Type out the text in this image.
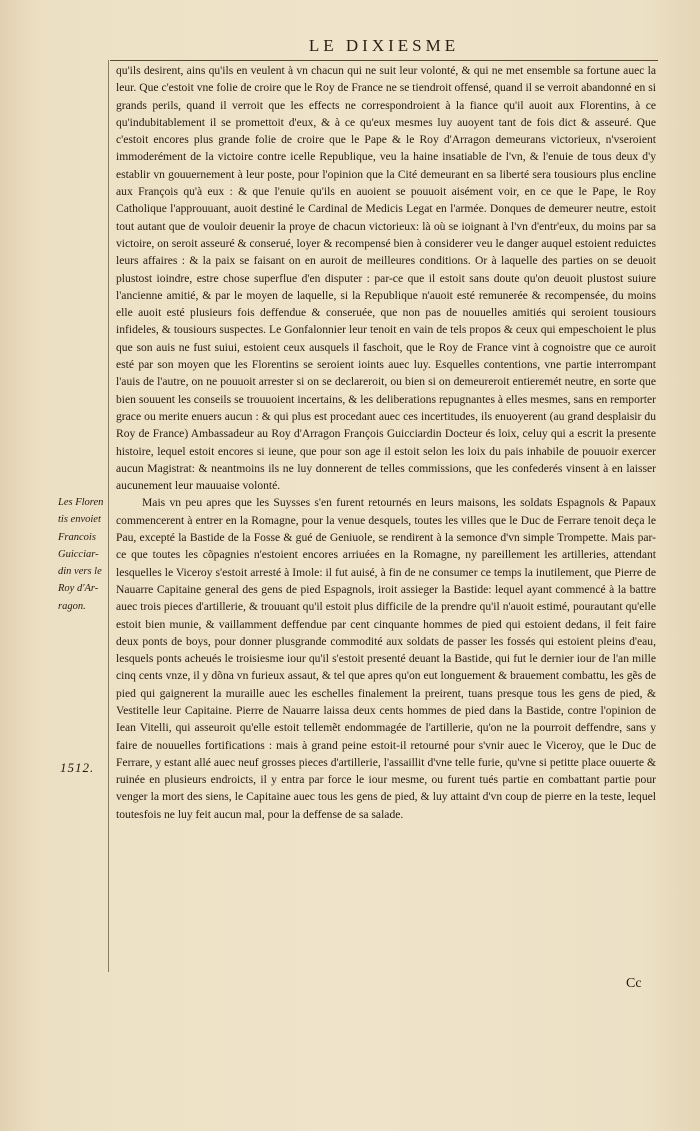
LE DIXIESME
Les Floren
tis envoiet
Francois
Guicciar-
din vers le
Roy d'Ar-
ragon.
1512.

qu'ils desirent, ains qu'ils en veulent à vn chacun qui ne suit leur volonté, & qui ne met ensemble sa fortune auec la leur. Que c'estoit vne folie de croire que le Roy de France ne se tiendroit offensé, quand il se verroit abandonné en si grands perils, quand il verroit que les effects ne correspondroient à la fiance qu'il auoit aux Florentins, à ce qu'indubitablement il se promettoit d'eux, & à ce qu'eux mesmes luy auoyent tant de fois dict & asseuré. Que c'estoit encores plus grande folie de croire que le Pape & le Roy d'Arragon demeurans victorieux, n'vseroient immoderément de la victoire contre icelle Republique, veu la haine insatiable de l'vn, & l'enuie de tous deux d'y establir vn gouuernement à leur poste, pour l'opinion que la Cité demeurant en sa liberté sera tousiours plus encline aux François qu'à eux : & que l'enuie qu'ils en auoient se pouuoit aisément voir, en ce que le Pape, le Roy Catholique l'approuuant, auoit destiné le Cardinal de Medicis Legat en l'armée. Donques de demeurer neutre, estoit tout autant que de vouloir deuenir la proye de chacun victorieux: là où se ioignant à l'vn d'entr'eux, du moins par sa victoire, on seroit asseuré & conserué, loyer & recompensé bien à considerer veu le danger auquel estoient reduictes leurs affaires : & la paix se faisant on en auroit de meilleures conditions. Or à laquelle des parties on se deuoit plustost ioindre, estre chose superflue d'en disputer : par-ce que il estoit sans doute qu'on deuoit plustost suiure l'ancienne amitié, & par le moyen de laquelle, si la Republique n'auoit esté remunerée & recompensée, du moins elle auoit esté plusieurs fois deffendue & conseruée, que non pas de nouuelles amitiés qui seroient tousiours infideles, & tousiours suspectes. Le Gonfalonnier leur tenoit en vain de tels propos & ceux qui empeschoient le plus que son auis ne fust suiui, estoient ceux ausquels il faschoit, que le Roy de France vint à cognoistre que ce auroit esté par son moyen que les Florentins se seroient ioints auec luy. Esquelles contentions, vne partie interrompant l'auis de l'autre, on ne pouuoit arrester si on se declareroit, ou bien si on demeureroit entieremét neutre, en sorte que bien souuent les conseils se trouuoient incertains, & les deliberations repugnantes à elles mesmes, sans en remporter grace ou merite enuers aucun : & qui plus est procedant auec ces incertitudes, ils enuoyerent (au grand desplaisir du Roy de France) Ambassadeur au Roy d'Arragon François Guicciardin Docteur és loix, celuy qui a escrit la presente histoire, lequel estoit encores si ieune, que pour son age il estoit selon les loix du pais inhabile de pouuoir exercer aucun Magistrat: & neantmoins ils ne luy donnerent de telles commissions, que les confederés vinsent à en laisser aucunement leur mauuaise volonté.

Mais vn peu apres que les Suysses s'en furent retournés en leurs maisons, les soldats Espagnols & Papaux commencerent à entrer en la Romagne, pour la venue desquels, toutes les villes que le Duc de Ferrare tenoit deça le Pau, excepté la Bastide de la Fosse & gué de Geniuole, se rendirent à la semonce d'vn simple Trompette. Mais par-ce que toutes les cõpagnies n'estoient encores arriuées en la Romagne, ny pareillement les artilleries, attendant lesquelles le Viceroy s'estoit arresté à Imole: il fut auisé, à fin de ne consumer ce temps la inutilement, que Pierre de Nauarre Capitaine general des gens de pied Espagnols, iroit assieger la Bastide: lequel ayant commencé à la battre auec trois pieces d'artillerie, & trouuant qu'il estoit plus difficile de la prendre qu'il n'auoit estimé, pourautant qu'elle estoit bien munie, & vaillamment deffendue par cent cinquante hommes de pied qui estoient dedans, il feit faire deux ponts de boys, pour donner plusgrande commodité aux soldats de passer les fossés qui estoient pleins d'eau, lesquels ponts acheués le troisiesme iour qu'il s'estoit presenté deuant la Bastide, qui fut le dernier iour de l'an mille cinq cents vnze, il y dõna vn furieux assaut, & tel que apres qu'on eut longuement & brauement combattu, les gẽs de pied qui gaignerent la muraille auec les eschelles finalement la preirent, tuans presque tous les gens de pied, & Vestitelle leur Capitaine. Pierre de Nauarre laissa deux cents hommes de pied dans la Bastide, contre l'opinion de Iean Vitelli, qui asseuroit qu'elle estoit tellemẽt endommagée de l'artillerie, qu'on ne la pourroit deffendre, sans y faire de nouuelles fortifications : mais à grand peine estoit-il retourné pour s'vnir auec le Viceroy, que le Duc de Ferrare, y estant allé auec neuf grosses pieces d'artillerie, l'assaillit d'vne telle furie, qu'vne si petitte place ouuerte & ruinée en plusieurs endroicts, il y entra par force le iour mesme, ou furent tués partie en combattant partie pour venger la mort des siens, le Capitaine auec tous les gens de pied, & luy attaint d'vn coup de pierre en la teste, lequel toutesfois ne luy feit aucun mal, pour la deffense de sa salade.

Cc
